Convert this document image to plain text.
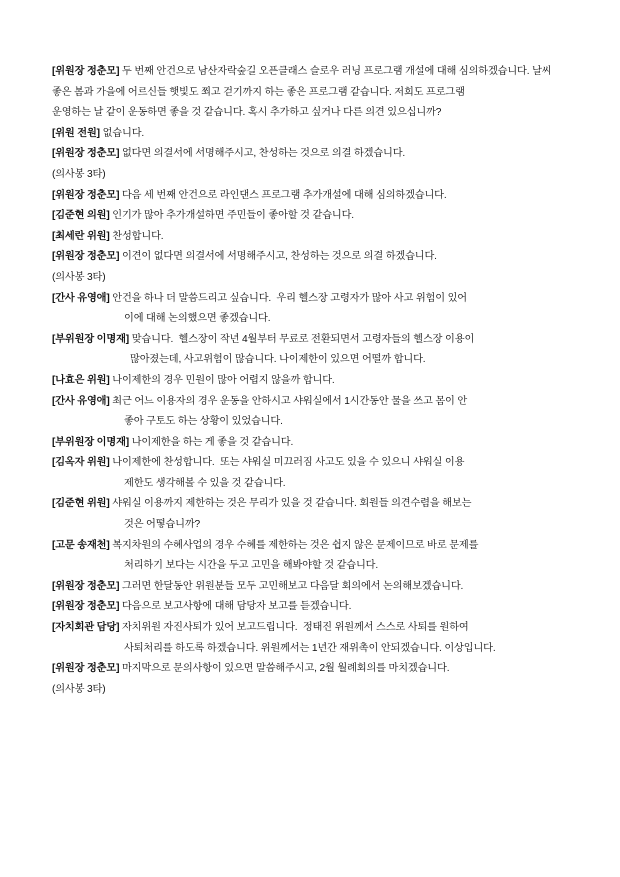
[위원장 정춘모] 두 번째 안건으로 남산자락숲길 오픈클래스 슬로우 러닝 프로그램 개설에 대해 심의하겠습니다. 날씨
좋은 봄과 가을에 어르신들 햇빛도 쬐고 걷기까지 하는 좋은 프로그램 같습니다. 저희도 프로그램
운영하는 날 같이 운동하면 좋을 것 같습니다. 혹시 추가하고 싶거나 다른 의견 있으십니까?
[위원 전원] 없습니다.
[위원장 정춘모] 없다면 의결서에 서명해주시고, 찬성하는 것으로 의결 하겠습니다.
(의사봉 3타)
[위원장 정춘모] 다음 세 번째 안건으로 라인댄스 프로그램 추가개설에 대해 심의하겠습니다.
[김준현 의원] 인기가 많아 추가개설하면 주민들이 좋아할 것 같습니다.
[최세란 위원] 찬성합니다.
[위원장 정춘모] 이견이 없다면 의결서에 서명해주시고, 찬성하는 것으로 의결 하겠습니다.
(의사봉 3타)
[간사 유영애] 안건을 하나 더 말씀드리고 싶습니다.  우리 헬스장 고령자가 많아 사고 위험이 있어
이에 대해 논의했으면 좋겠습니다.
[부위원장 이명재] 맞습니다.  헬스장이 작년 4월부터 무료로 전환되면서 고령자들의 헬스장 이용이
많아졌는데, 사고위험이 많습니다. 나이제한이 있으면 어떨까 합니다.
[나효은 위원] 나이제한의 경우 민원이 많아 어렵지 않을까 합니다.
[간사 유영애] 최근 어느 이용자의 경우 운동을 안하시고 샤워실에서 1시간동안 물을 쓰고 몸이 안
좋아 구토도 하는 상황이 있었습니다.
[부위원장 이명재] 나이제한을 하는 게 좋을 것 같습니다.
[김옥자 위원] 나이제한에 찬성합니다.  또는 샤워실 미끄러짐 사고도 있을 수 있으니 샤워실 이용
제한도 생각해볼 수 있을 것 같습니다.
[김준현 위원] 샤워실 이용까지 제한하는 것은 무리가 있을 것 같습니다. 회원들 의견수렴을 해보는
것은 어떻습니까?
[고문 송재천] 복지차원의 수혜사업의 경우 수혜를 제한하는 것은 쉽지 않은 문제이므로 바로 문제를
처리하기 보다는 시간을 두고 고민을 해봐야할 것 같습니다.
[위원장 정춘모] 그러면 한달동안 위원분들 모두 고민해보고 다음달 회의에서 논의해보겠습니다.
[위원장 정춘모] 다음으로 보고사항에 대해 담당자 보고를 듣겠습니다.
[자치회관 담당] 자치위원 자진사퇴가 있어 보고드립니다.  정태진 위원께서 스스로 사퇴를 원하여
사퇴처리를 하도록 하겠습니다. 위원께서는 1년간 재위촉이 안되겠습니다. 이상입니다.
[위원장 정춘모] 마지막으로 문의사항이 있으면 말씀해주시고, 2월 월례회의를 마치겠습니다.
(의사봉 3타)
